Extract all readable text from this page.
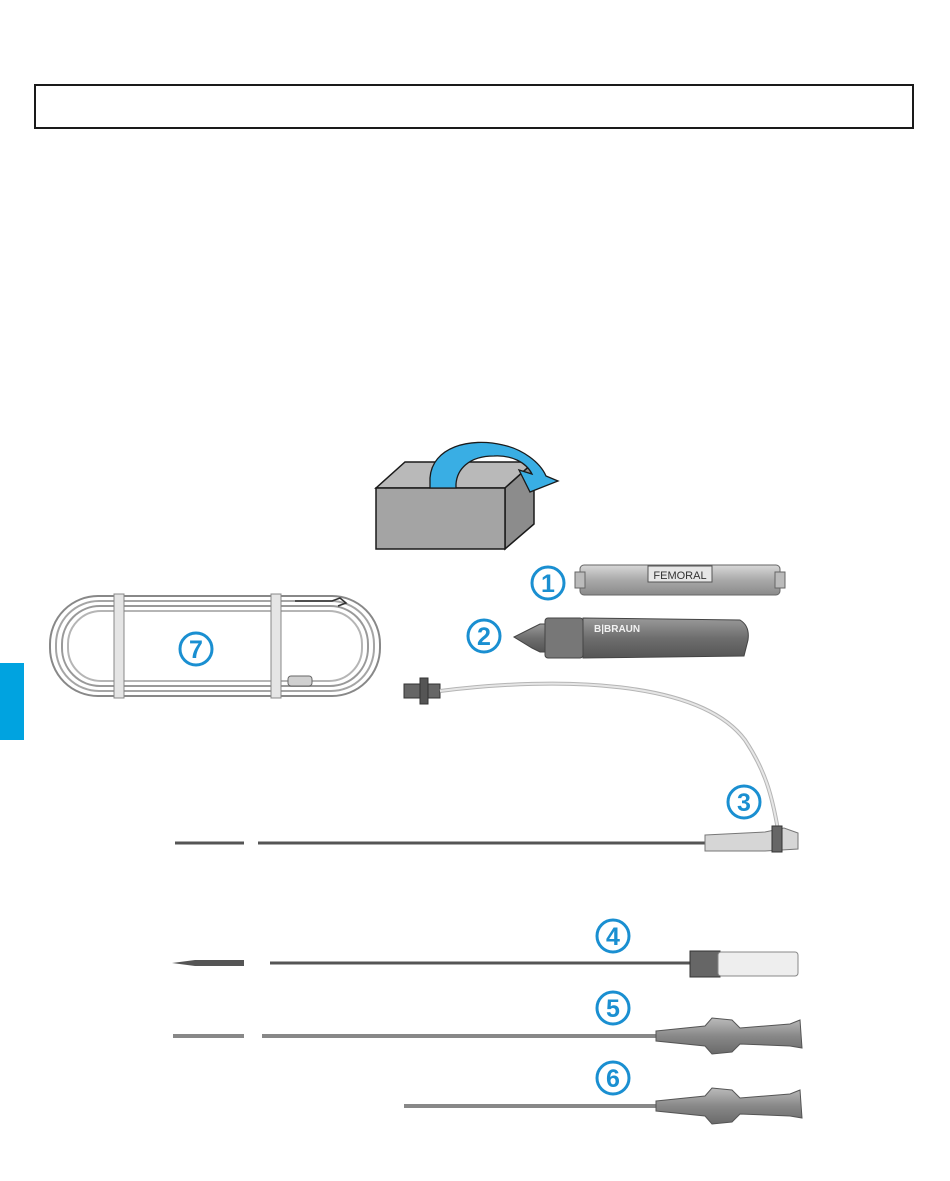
7
FEMORAL
1
B|BRAUN
2
3
4
5
6
